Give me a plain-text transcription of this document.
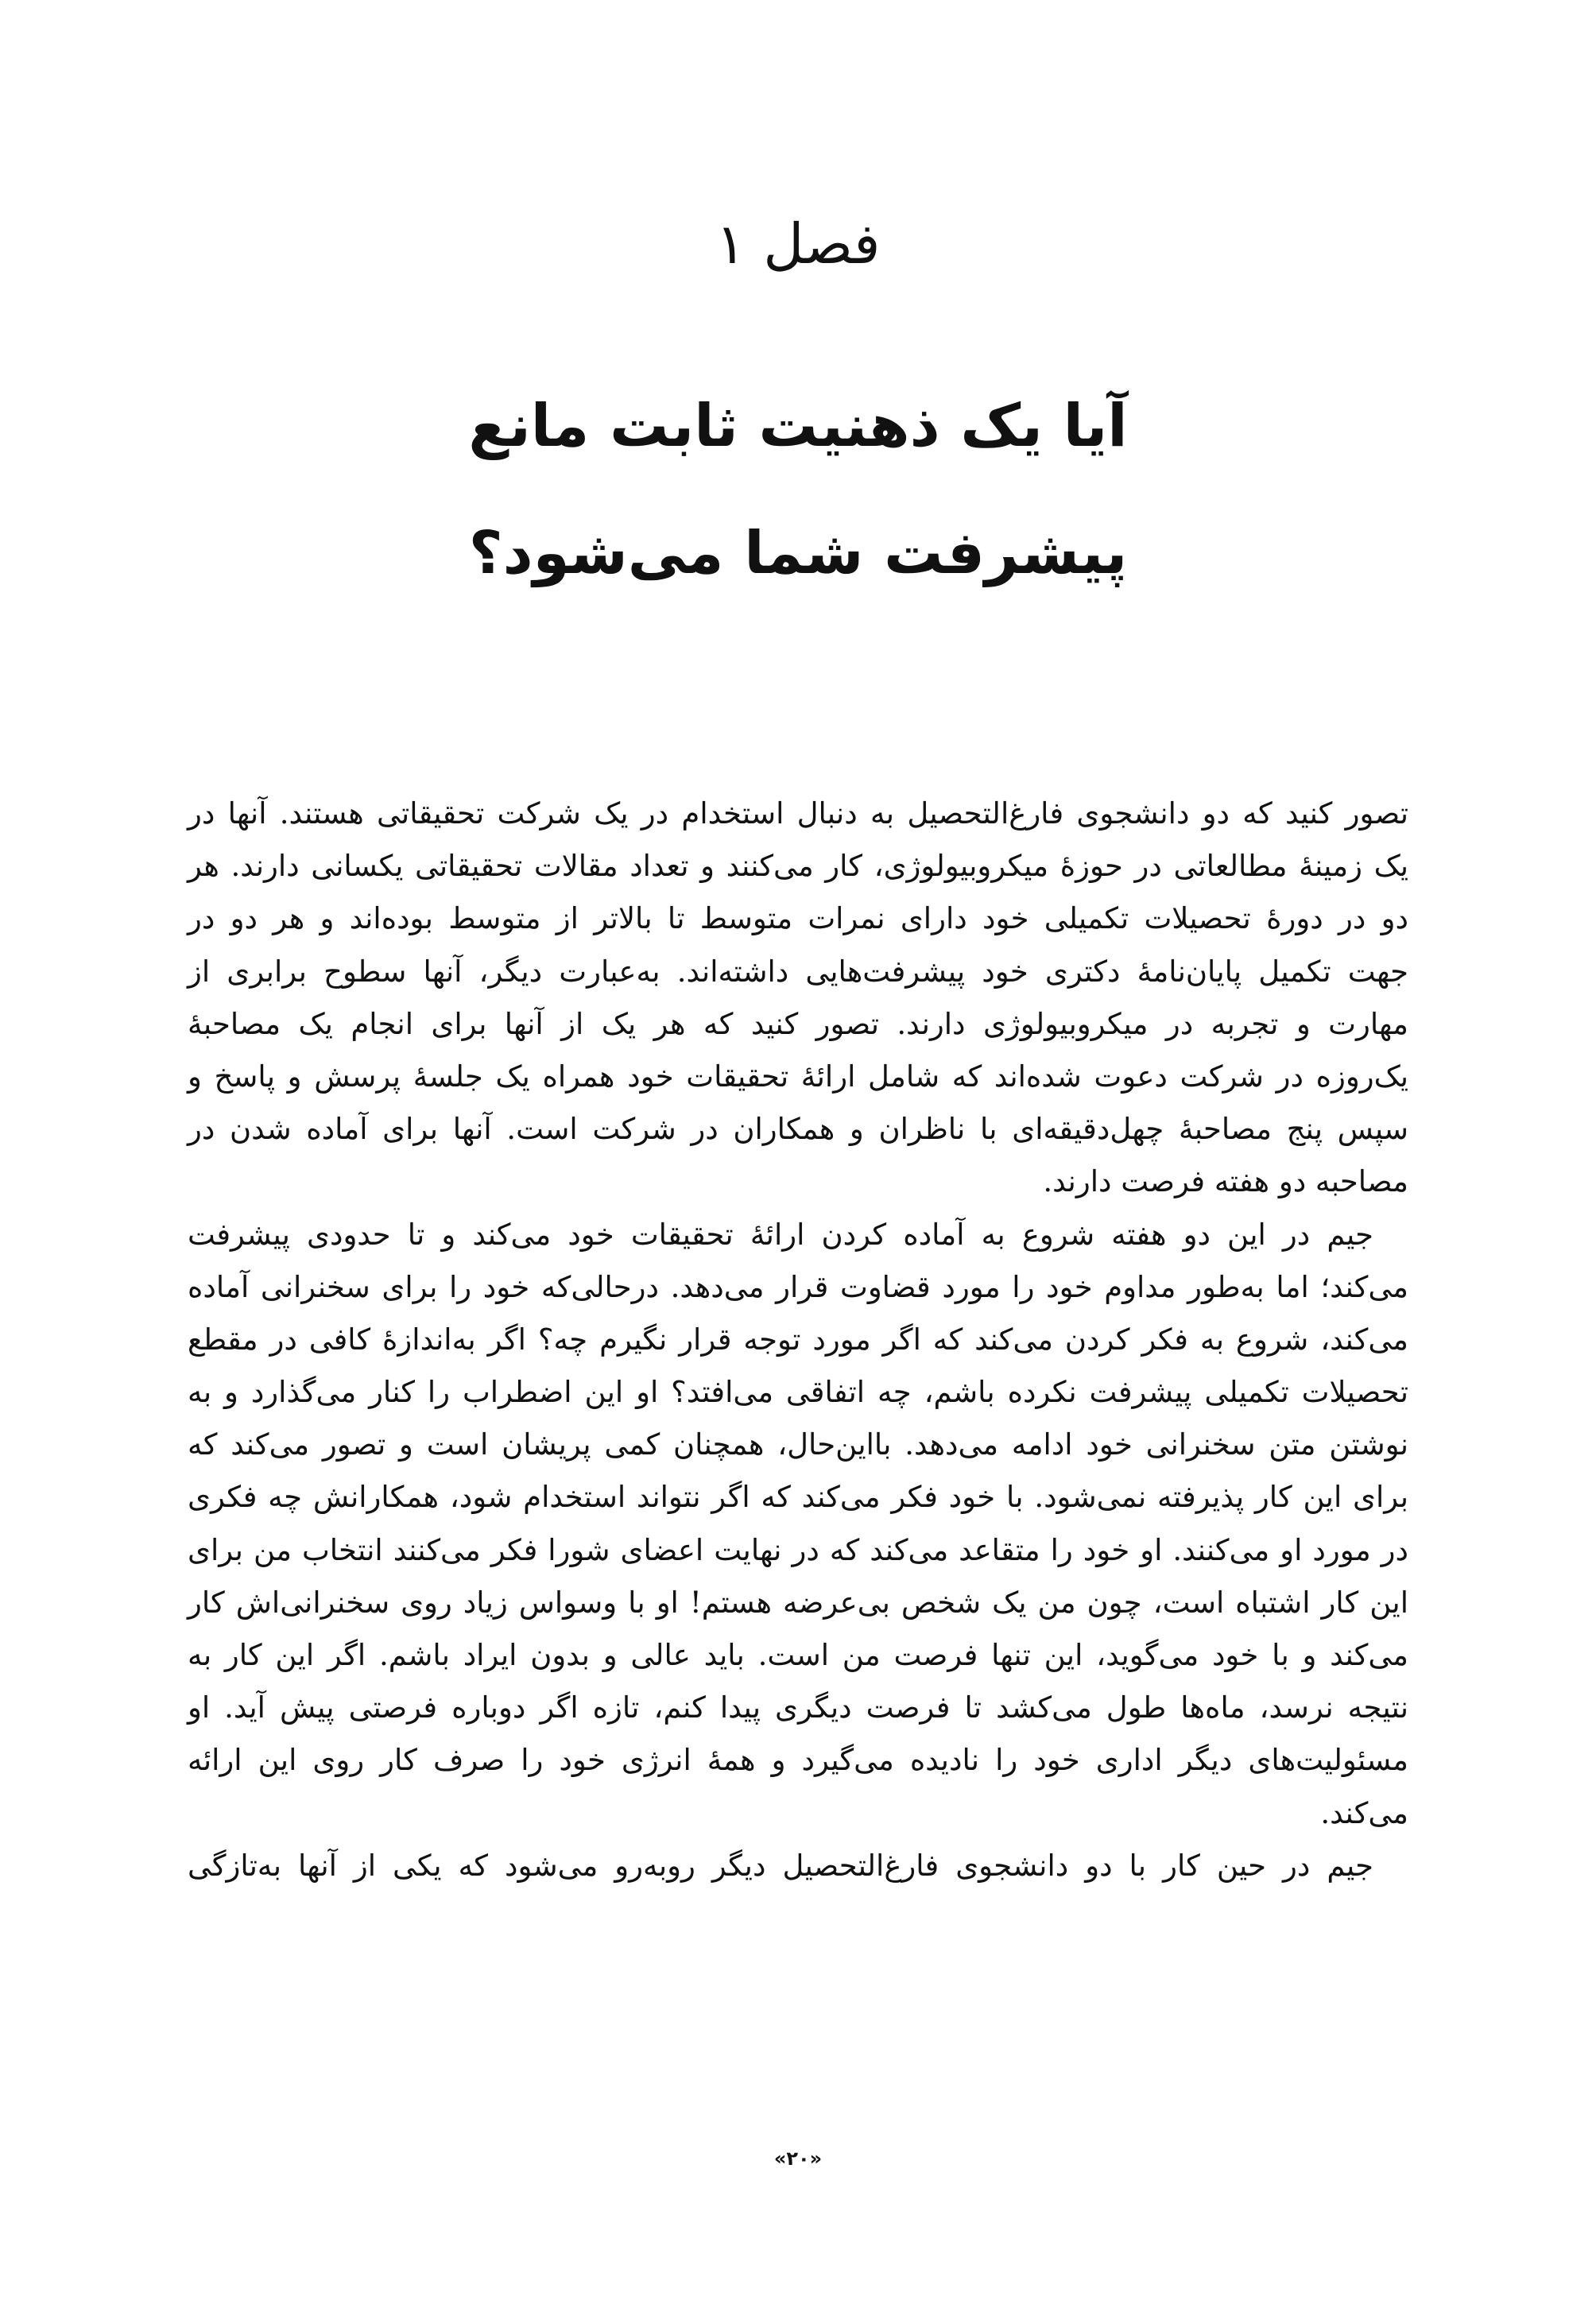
فصل ۱
آیا یک ذهنیت ثابت مانع
پیشرفت شما می‌شود؟
تصور کنید که دو دانشجوی فارغ‌التحصیل به دنبال استخدام در یک شرکت تحقیقاتی هستند. آنها در
یک زمینهٔ مطالعاتی در حوزهٔ میکروبیولوژی، کار می‌کنند و تعداد مقالات تحقیقاتی یکسانی دارند. هر
دو در دورهٔ تحصیلات تکمیلی خود دارای نمرات متوسط تا بالاتر از متوسط بوده‌اند و هر دو در
جهت تکمیل پایان‌نامهٔ دکتری خود پیشرفت‌هایی داشته‌اند. به‌عبارت دیگر، آنها سطوح برابری از
مهارت و تجربه در میکروبیولوژی دارند. تصور کنید که هر یک از آنها برای انجام یک مصاحبهٔ
یک‌روزه در شرکت دعوت شده‌اند که شامل ارائهٔ تحقیقات خود همراه یک جلسهٔ پرسش و پاسخ و
سپس پنج مصاحبهٔ چهل‌دقیقه‌ای با ناظران و همکاران در شرکت است. آنها برای آماده شدن در
مصاحبه دو هفته فرصت دارند.
جیم در این دو هفته شروع به آماده کردن ارائهٔ تحقیقات خود می‌کند و تا حدودی پیشرفت
می‌کند؛ اما به‌طور مداوم خود را مورد قضاوت قرار می‌دهد. درحالی‌که خود را برای سخنرانی آماده
می‌کند، شروع به فکر کردن می‌کند که اگر مورد توجه قرار نگیرم چه؟ اگر به‌اندازهٔ کافی در مقطع
تحصیلات تکمیلی پیشرفت نکرده باشم، چه اتفاقی می‌افتد؟ او این اضطراب را کنار می‌گذارد و به
نوشتن متن سخنرانی خود ادامه می‌دهد. بااین‌حال، همچنان کمی پریشان است و تصور می‌کند که
برای این کار پذیرفته نمی‌شود. با خود فکر می‌کند که اگر نتواند استخدام شود، همکارانش چه فکری
در مورد او می‌کنند. او خود را متقاعد می‌کند که در نهایت اعضای شورا فکر می‌کنند انتخاب من برای
این کار اشتباه است، چون من یک شخص بی‌عرضه هستم! او با وسواس زیاد روی سخنرانی‌اش کار
می‌کند و با خود می‌گوید، این تنها فرصت من است. باید عالی و بدون ایراد باشم. اگر این کار به
نتیجه نرسد، ماه‌ها طول می‌کشد تا فرصت دیگری پیدا کنم، تازه اگر دوباره فرصتی پیش آید. او
مسئولیت‌های دیگر اداری خود را نادیده می‌گیرد و همهٔ انرژی خود را صرف کار روی این ارائه
می‌کند.
جیم در حین کار با دو دانشجوی فارغ‌التحصیل دیگر روبه‌رو می‌شود که یکی از آنها به‌تازگی
«۲۰»
